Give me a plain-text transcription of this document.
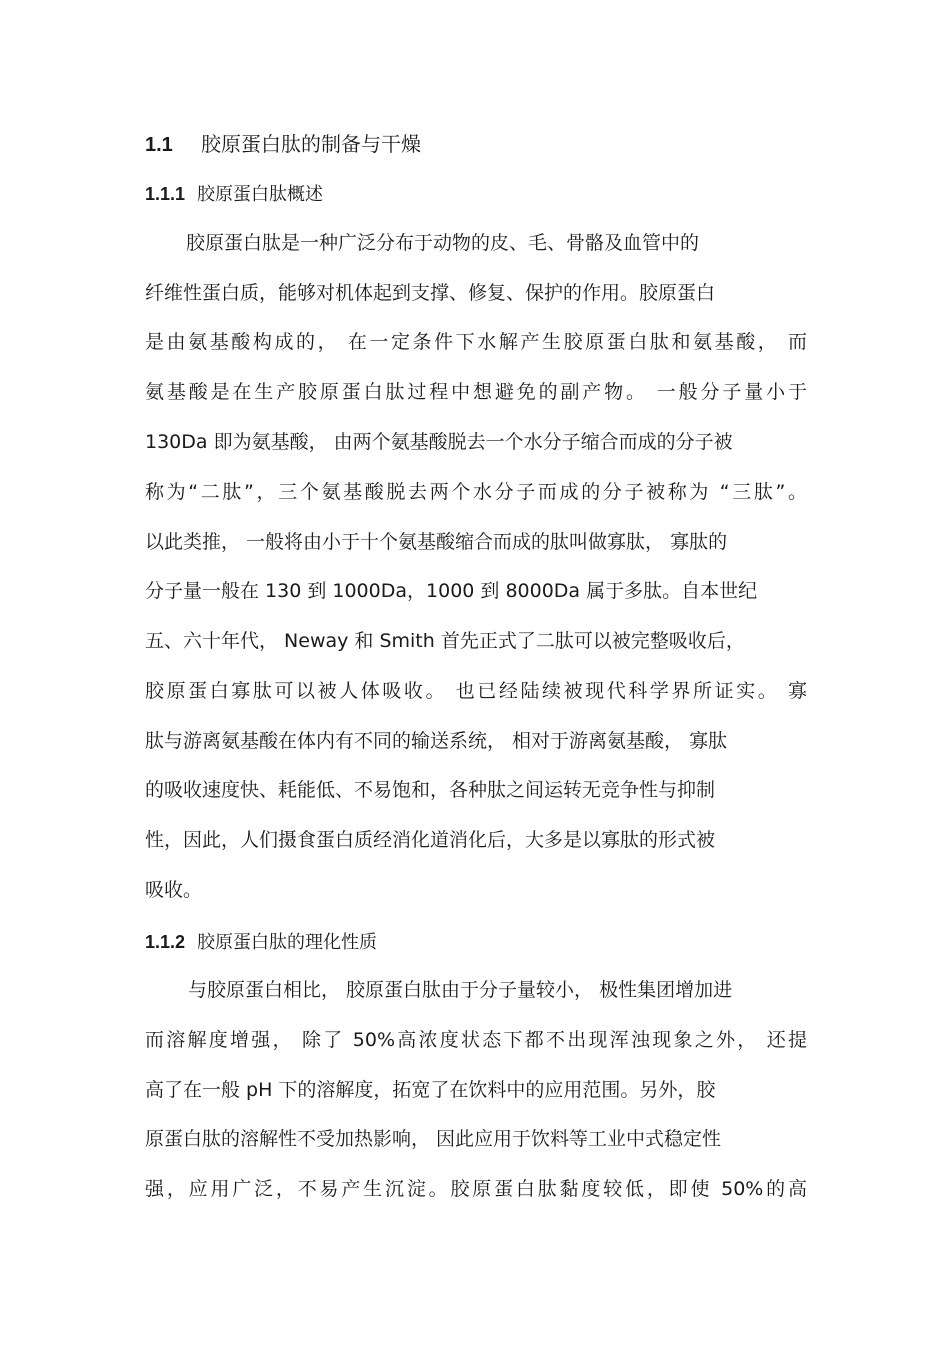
1.1 胶原蛋白肽的制备与干燥
1.1.1 胶原蛋白肽概述
胶原蛋白肽是一种广泛分布于动物的皮、毛、骨骼及血管中的
纤维性蛋白质，能够对机体起到支撑、修复、保护的作用。胶原蛋白
是由氨基酸构成的， 在一定条件下水解产生胶原蛋白肽和氨基酸， 而
氨基酸是在生产胶原蛋白肽过程中想避免的副产物。 一般分子量小于
130Da 即为氨基酸， 由两个氨基酸脱去一个水分子缩合而成的分子被
称为“二肽”，三个氨基酸脱去两个水分子而成的分子被称为 “三肽”。
以此类推， 一般将由小于十个氨基酸缩合而成的肽叫做寡肽， 寡肽的
分子量一般在 130 到 1000Da，1000 到 8000Da 属于多肽。自本世纪
五、六十年代， Neway 和 Smith 首先正式了二肽可以被完整吸收后，
胶原蛋白寡肽可以被人体吸收。 也已经陆续被现代科学界所证实。 寡
肽与游离氨基酸在体内有不同的输送系统， 相对于游离氨基酸， 寡肽
的吸收速度快、耗能低、不易饱和，各种肽之间运转无竞争性与抑制
性，因此，人们摄食蛋白质经消化道消化后，大多是以寡肽的形式被
吸收。
1.1.2 胶原蛋白肽的理化性质
与胶原蛋白相比， 胶原蛋白肽由于分子量较小， 极性集团增加进
而溶解度增强， 除了 50%高浓度状态下都不出现浑浊现象之外， 还提
高了在一般 pH 下的溶解度，拓宽了在饮料中的应用范围。另外，胶
原蛋白肽的溶解性不受加热影响， 因此应用于饮料等工业中式稳定性
强，应用广泛，不易产生沉淀。胶原蛋白肽黏度较低，即使 50%的高
